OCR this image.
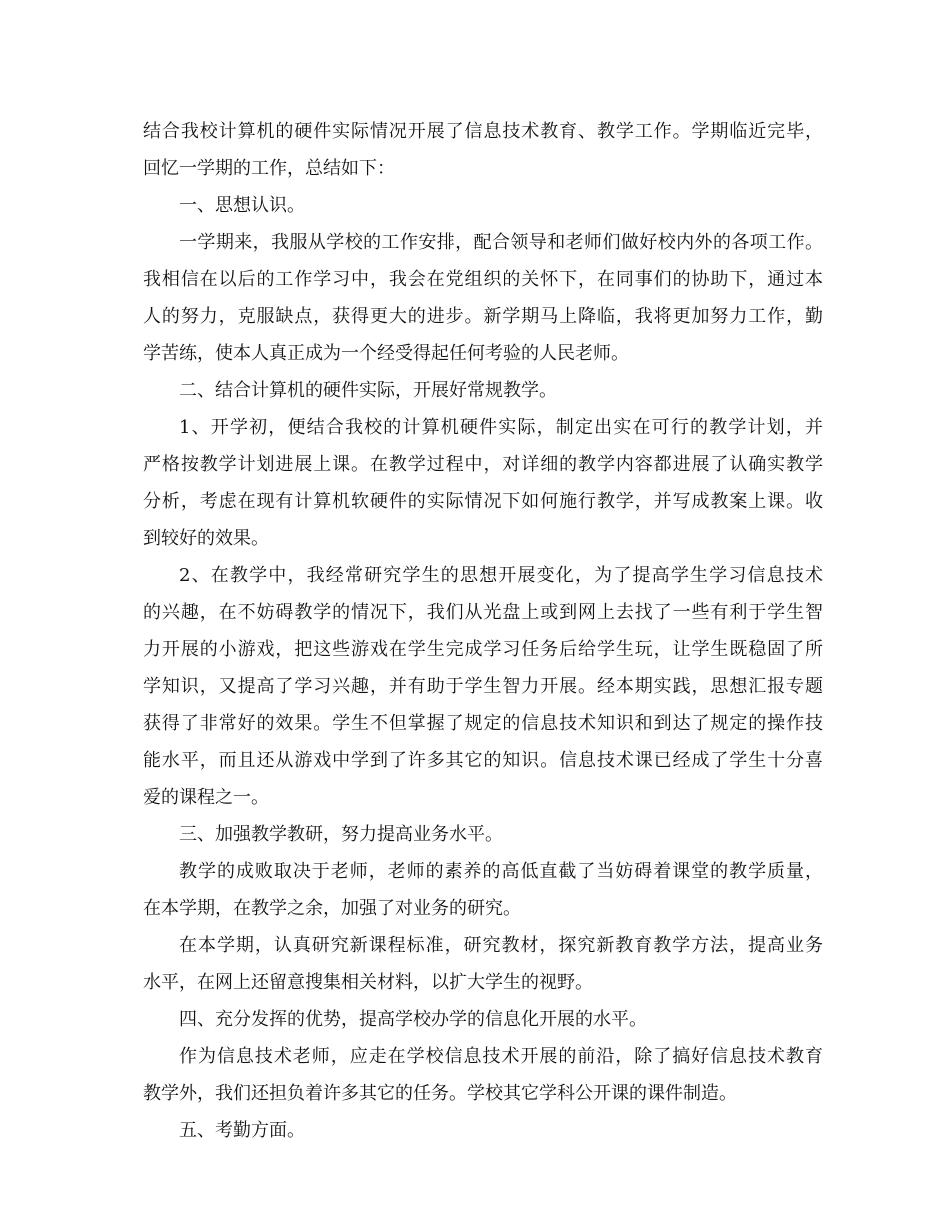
结合我校计算机的硬件实际情况开展了信息技术教育、教学工作。学期临近完毕，
回忆一学期的工作，总结如下：
一、思想认识。
一学期来，我服从学校的工作安排，配合领导和老师们做好校内外的各项工作。
我相信在以后的工作学习中，我会在党组织的关怀下，在同事们的协助下，通过本
人的努力，克服缺点，获得更大的进步。新学期马上降临，我将更加努力工作，勤
学苦练，使本人真正成为一个经受得起任何考验的人民老师。
二、结合计算机的硬件实际，开展好常规教学。
1、开学初，便结合我校的计算机硬件实际，制定出实在可行的教学计划，并
严格按教学计划进展上课。在教学过程中，对详细的教学内容都进展了认确实教学
分析，考虑在现有计算机软硬件的实际情况下如何施行教学，并写成教案上课。收
到较好的效果。
2、在教学中，我经常研究学生的思想开展变化，为了提高学生学习信息技术
的兴趣，在不妨碍教学的情况下，我们从光盘上或到网上去找了一些有利于学生智
力开展的小游戏，把这些游戏在学生完成学习任务后给学生玩，让学生既稳固了所
学知识，又提高了学习兴趣，并有助于学生智力开展。经本期实践，思想汇报专题
获得了非常好的效果。学生不但掌握了规定的信息技术知识和到达了规定的操作技
能水平，而且还从游戏中学到了许多其它的知识。信息技术课已经成了学生十分喜
爱的课程之一。
三、加强教学教研，努力提高业务水平。
教学的成败取决于老师，老师的素养的高低直截了当妨碍着课堂的教学质量，
在本学期，在教学之余，加强了对业务的研究。
在本学期，认真研究新课程标准，研究教材，探究新教育教学方法，提高业务
水平，在网上还留意搜集相关材料，以扩大学生的视野。
四、充分发挥的优势，提高学校办学的信息化开展的水平。
作为信息技术老师，应走在学校信息技术开展的前沿，除了搞好信息技术教育
教学外，我们还担负着许多其它的任务。学校其它学科公开课的课件制造。
五、考勤方面。
